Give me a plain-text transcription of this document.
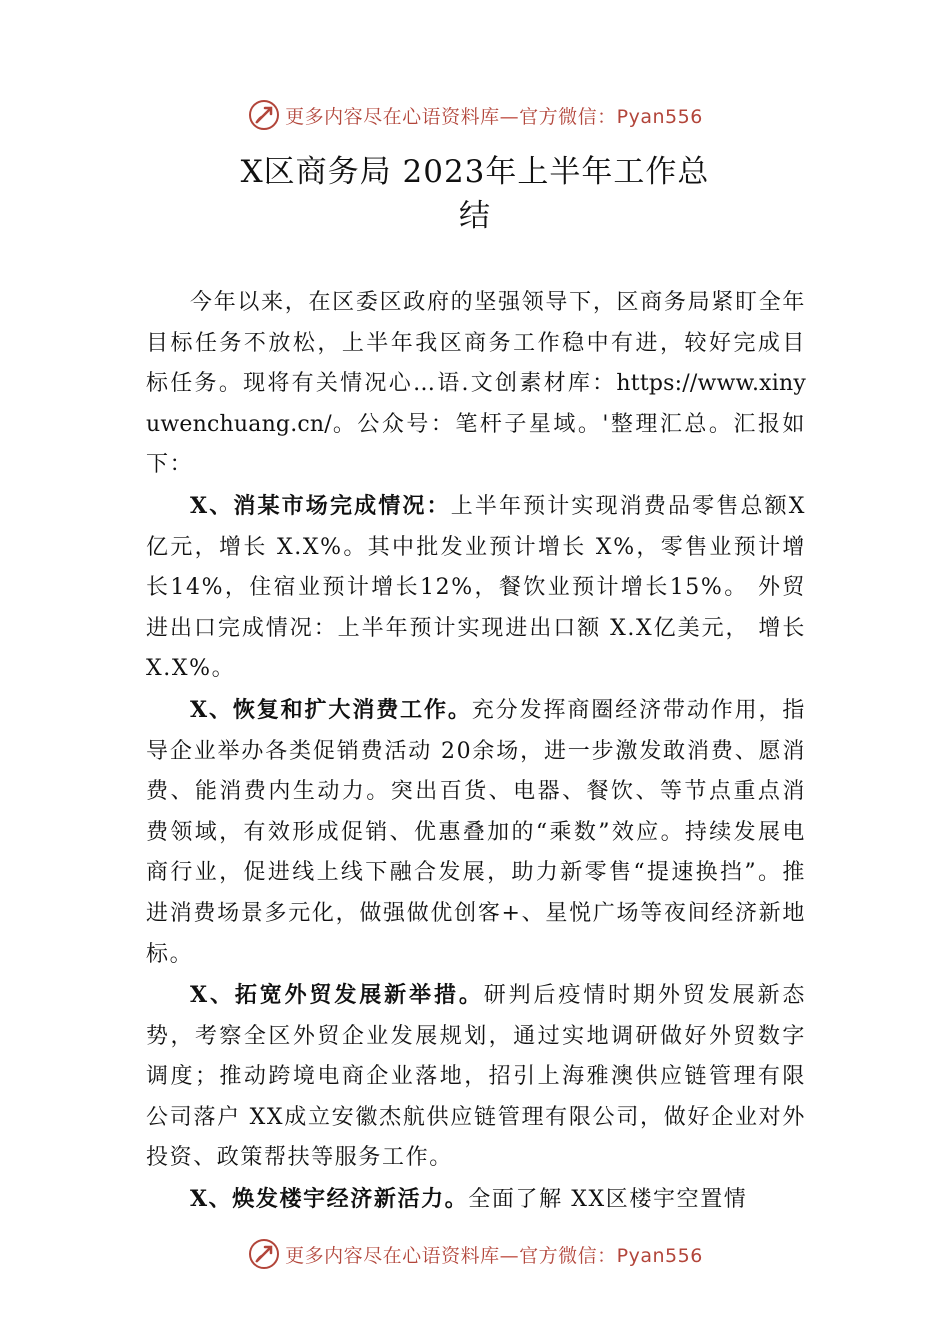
更多内容尽在心语资料库—官方微信：Pyan556
X区商务局 2023年上半年工作总
结

今年以来，在区委区政府的坚强领导下，区商务局紧盯全年目标任务不放松，上半年我区商务工作稳中有进，较好完成目标任务。现将有关情况心…语.文创素材库：https://www.xinyuwenchuang.cn/。公众号：笔杆子星域。'整理汇总。汇报如下：

X、消某市场完成情况：上半年预计实现消费品零售总额X亿元，增长 X.X%。其中批发业预计增长 X%，零售业预计增长14%，住宿业预计增长12%，餐饮业预计增长15%。 外贸进出口完成情况：上半年预计实现进出口额 X.X亿美元， 增长 X.X%。

X、恢复和扩大消费工作。充分发挥商圈经济带动作用，指导企业举办各类促销费活动 20余场，进一步激发敢消费、愿消费、能消费内生动力。突出百货、电器、餐饮、等节点重点消费领域，有效形成促销、优惠叠加的“乘数”效应。持续发展电商行业，促进线上线下融合发展，助力新零售“提速换挡”。推进消费场景多元化，做强做优创客+、星悦广场等夜间经济新地标。

X、拓宽外贸发展新举措。研判后疫情时期外贸发展新态势，考察全区外贸企业发展规划，通过实地调研做好外贸数字调度；推动跨境电商企业落地，招引上海雅澳供应链管理有限公司落户 XX成立安徽杰航供应链管理有限公司，做好企业对外投资、政策帮扶等服务工作。

X、焕发楼宇经济新活力。全面了解 XX区楼宇空置情

更多内容尽在心语资料库—官方微信：Pyan556
